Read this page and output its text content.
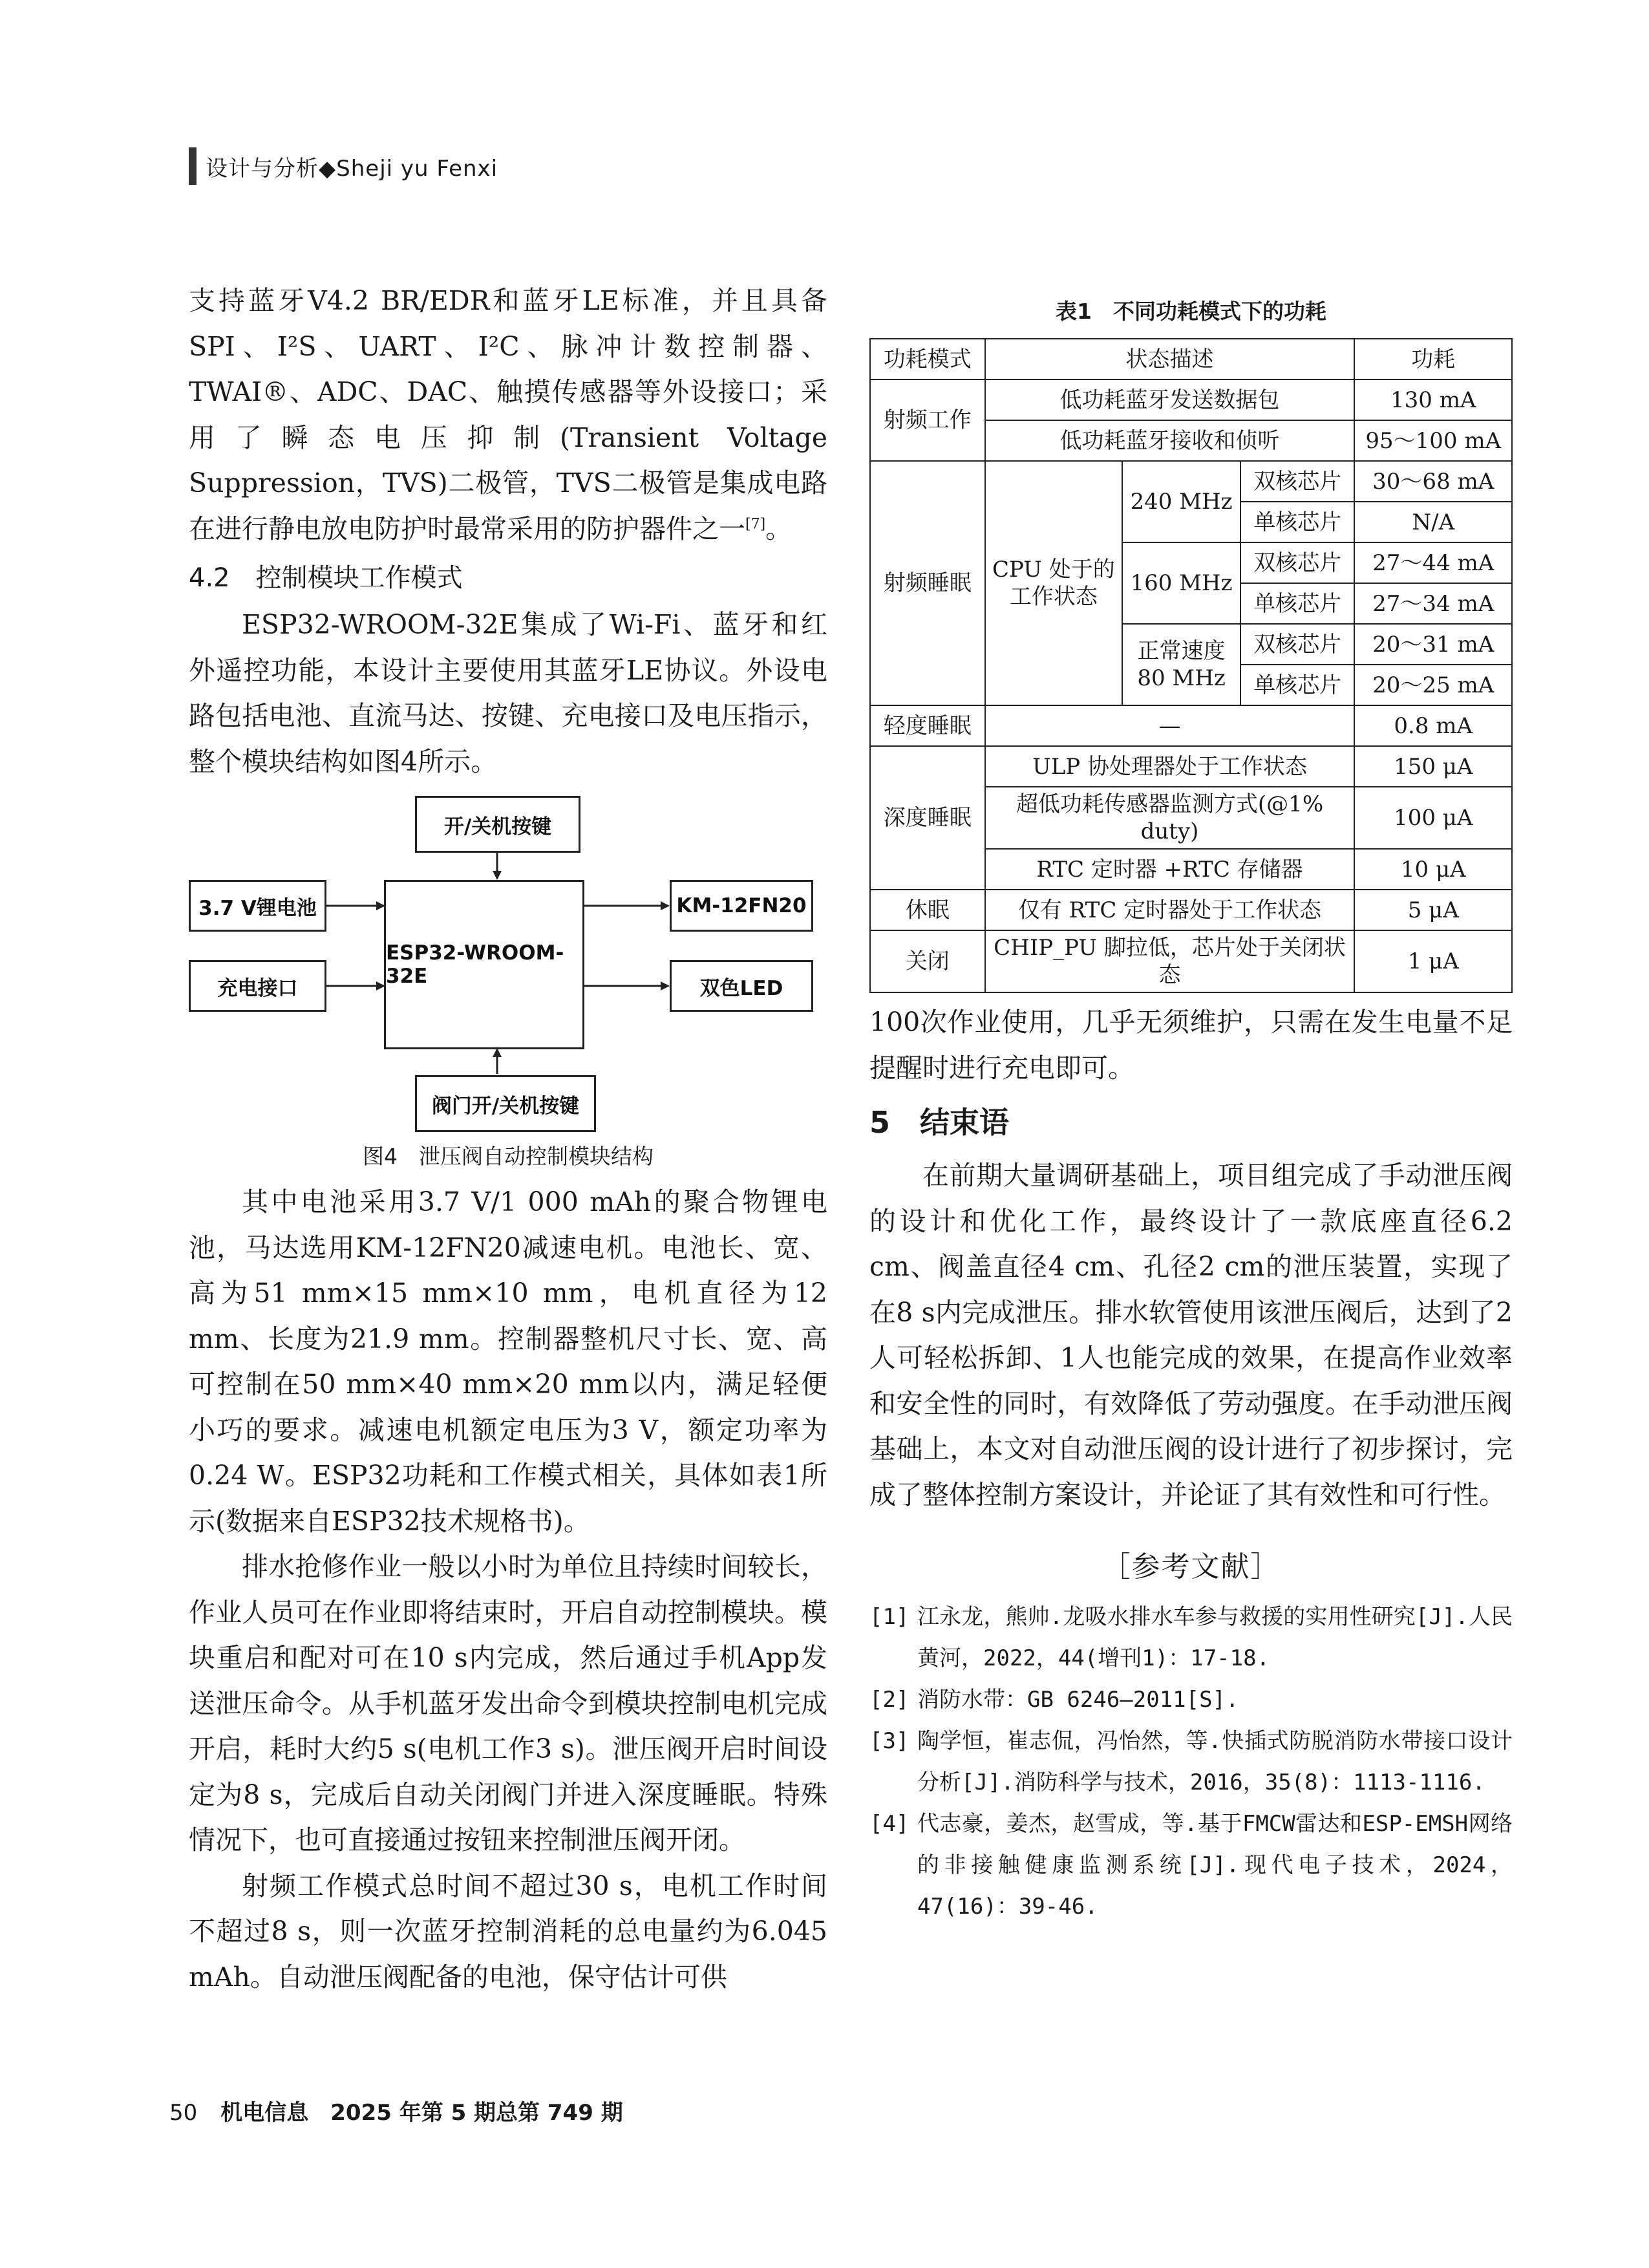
设计与分析◆Sheji yu Fenxi

支持蓝牙V4.2 BR/EDR和蓝牙LE标准，并且具备SPI、I²S、UART、I²C、脉冲计数控制器、TWAI®、ADC、DAC、触摸传感器等外设接口；采用了瞬态电压抑制(Transient Voltage Suppression，TVS)二极管，TVS二极管是集成电路在进行静电放电防护时最常采用的防护器件之一[7]。

4.2　控制模块工作模式

ESP32-WROOM-32E集成了Wi-Fi、蓝牙和红外遥控功能，本设计主要使用其蓝牙LE协议。外设电路包括电池、直流马达、按键、充电接口及电压指示，整个模块结构如图4所示。

开/关机按键
ESP32-WROOM-32E
3.7 V锂电池
充电接口
KM-12FN20
双色LED
阀门开/关机按键
图4　泄压阀自动控制模块结构

其中电池采用3.7 V/1 000 mAh的聚合物锂电池，马达选用KM-12FN20减速电机。电池长、宽、高为51 mm×15 mm×10 mm，电机直径为12 mm、长度为21.9 mm。控制器整机尺寸长、宽、高可控制在50 mm×40 mm×20 mm以内，满足轻便小巧的要求。减速电机额定电压为3 V，额定功率为0.24 W。ESP32功耗和工作模式相关，具体如表1所示(数据来自ESP32技术规格书)。

排水抢修作业一般以小时为单位且持续时间较长，作业人员可在作业即将结束时，开启自动控制模块。模块重启和配对可在10 s内完成，然后通过手机App发送泄压命令。从手机蓝牙发出命令到模块控制电机完成开启，耗时大约5 s(电机工作3 s)。泄压阀开启时间设定为8 s，完成后自动关闭阀门并进入深度睡眠。特殊情况下，也可直接通过按钮来控制泄压阀开闭。

射频工作模式总时间不超过30 s，电机工作时间不超过8 s，则一次蓝牙控制消耗的总电量约为6.045 mAh。自动泄压阀配备的电池，保守估计可供

表1　不同功耗模式下的功耗
功耗模式	状态描述			功耗
射频工作	低功耗蓝牙发送数据包			130 mA
	低功耗蓝牙接收和侦听			95～100 mA
射频睡眠	CPU 处于的工作状态	240 MHz	双核芯片	30～68 mA
			单核芯片	N/A
		160 MHz	双核芯片	27～44 mA
			单核芯片	27～34 mA
		正常速度 80 MHz	双核芯片	20～31 mA
			单核芯片	20～25 mA
轻度睡眠	—			0.8 mA
深度睡眠	ULP 协处理器处于工作状态			150 μA
	超低功耗传感器监测方式(@1% duty)			100 μA
	RTC 定时器 +RTC 存储器			10 μA
休眠	仅有 RTC 定时器处于工作状态			5 μA
关闭	CHIP_PU 脚拉低，芯片处于关闭状态			1 μA

100次作业使用，几乎无须维护，只需在发生电量不足提醒时进行充电即可。

5　结束语

在前期大量调研基础上，项目组完成了手动泄压阀的设计和优化工作，最终设计了一款底座直径6.2 cm、阀盖直径4 cm、孔径2 cm的泄压装置，实现了在8 s内完成泄压。排水软管使用该泄压阀后，达到了2人可轻松拆卸、1人也能完成的效果，在提高作业效率和安全性的同时，有效降低了劳动强度。在手动泄压阀基础上，本文对自动泄压阀的设计进行了初步探讨，完成了整体控制方案设计，并论证了其有效性和可行性。

［参考文献］
[1] 江永龙，熊帅.龙吸水排水车参与救援的实用性研究[J].人民黄河，2022，44(增刊1)：17-18.
[2] 消防水带：GB 6246—2011[S].
[3] 陶学恒，崔志侃，冯怡然，等.快插式防脱消防水带接口设计分析[J].消防科学与技术，2016，35(8)：1113-1116.
[4] 代志豪，姜杰，赵雪成，等.基于FMCW雷达和ESP-EMSH网络的非接触健康监测系统[J].现代电子技术，2024，47(16)：39-46.
50 机电信息　2025 年第 5 期总第 749 期
